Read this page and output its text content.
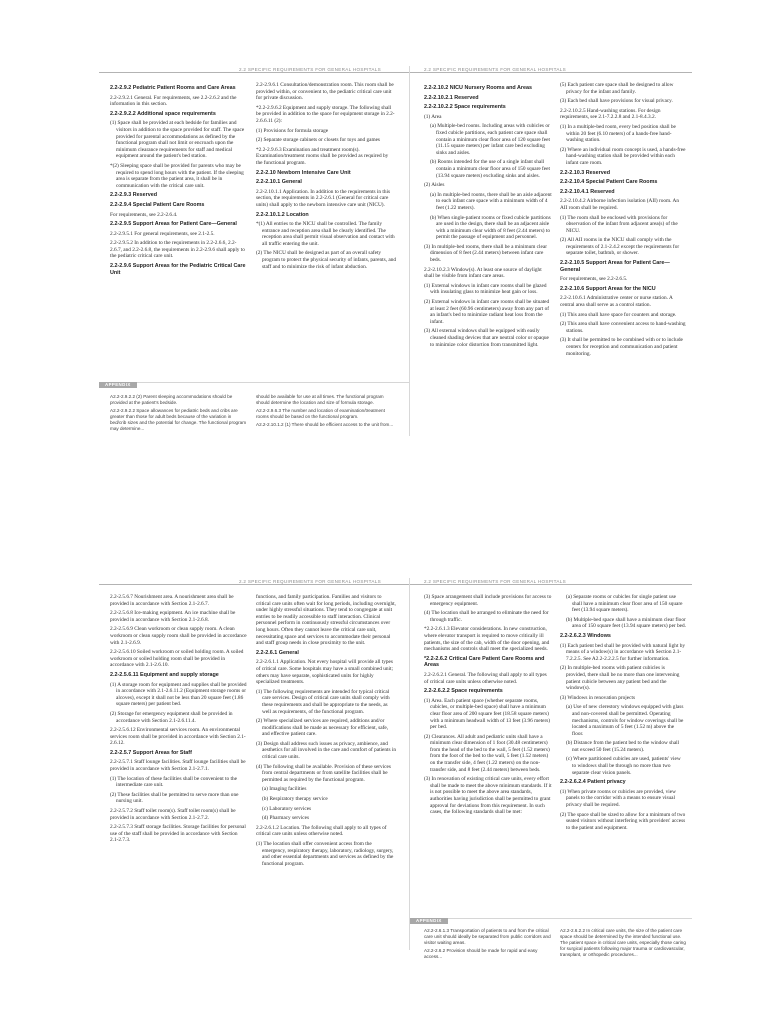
2.2 SPECIFIC REQUIREMENTS FOR GENERAL HOSPITALS
2.2-2.9.2 Pediatric Patient Rooms and Care Areas

2.2-2.9.2.1 General. For requirements, see 2.2-2.6.2 and the information in this section.

2.2-2.9.2.2 Additional space requirements

(1) Space shall be provided at each bedside for families and visitors in addition to the space provided for staff. The space provided for parental accommodations as defined by the functional program shall not limit or encroach upon the minimum clearance requirements for staff and medical equipment around the patient's bed station.

*(2) Sleeping space shall be provided for parents who may be required to spend long hours with the patient. If the sleeping area is separate from the patient area, it shall be in communication with the critical care unit.

2.2-2.9.3 Reserved
2.2-2.9.4 Special Patient Care Rooms

For requirements, see 2.2-2.6.4.

2.2-2.9.5 Support Areas for Patient Care—General

2.2-2.9.5.1 For general requirements, see 2.1-2.5.

2.2-2.9.5.2 In addition to the requirements in 2.2-2.6.6, 2.2-2.6.7, and 2.2-2.6.8, the requirements in 2.2-2.9.6 shall apply to the pediatric critical care unit.

2.2-2.9.6 Support Areas for the Pediatric Critical Care Unit

2.2-2.9.6.1 Consultation/demonstration room. This room shall be provided within, or convenient to, the pediatric critical care unit for private discussion.

*2.2-2.9.6.2 Equipment and supply storage. The following shall be provided in addition to the space for equipment storage in 2.2-2.6.6.11 (2):

(1) Provisions for formula storage

(2) Separate storage cabinets or closets for toys and games

*2.2-2.9.6.3 Examination and treatment room(s). Examination/treatment rooms shall be provided as required by the functional program.

2.2-2.10 Newborn Intensive Care Unit
2.2-2.10.1 General

2.2-2.10.1.1 Application. In addition to the requirements in this section, the requirements in 2.2-2.6.1 (General for critical care units) shall apply to the newborn intensive care unit (NICU).

2.2-2.10.1.2 Location

*(1) All entries to the NICU shall be controlled. The family entrance and reception area shall be clearly identified. The reception area shall permit visual observation and contact with all traffic entering the unit.

(2) The NICU shall be designed as part of an overall safety program to protect the physical security of infants, parents, and staff and to minimize the risk of infant abduction.

APPENDIX

A2.2-2.9.2.2 (2) Parent sleeping accommodations should be provided at the patient's bedside.

A2.2-2.9.2.2 Space allowances for pediatric beds and cribs are greater than those for adult beds because of the variation in bed/crib sizes and the potential for change. The functional program may determine...

should be available for use at all times. The functional program should determine the location and size of formula storage.

A2.2-2.9.6.3 The number and location of examination/treatment rooms should be based on the functional program.

A2.2-2.10.1.2 (1) There should be efficient access to the unit from...

2.2 SPECIFIC REQUIREMENTS FOR GENERAL HOSPITALS
2.2-2.10.2 NICU Nursery Rooms and Areas
2.2-2.10.2.1 Reserved
2.2-2.10.2.2 Space requirements

(1) Area

(a) Multiple-bed rooms. Including areas with cubicles or fixed cubicle partitions, each patient care space shall contain a minimum clear floor area of 120 square feet (11.15 square meters) per infant care bed excluding sinks and aisles.

(b) Rooms intended for the use of a single infant shall contain a minimum clear floor area of 150 square feet (13.94 square meters) excluding sinks and aisles.

(2) Aisles

(a) In multiple-bed rooms, there shall be an aisle adjacent to each infant care space with a minimum width of 4 feet (1.22 meters).

(b) When single-patient rooms or fixed cubicle partitions are used in the design, there shall be an adjacent aisle with a minimum clear width of 8 feet (2.44 meters) to permit the passage of equipment and personnel.

(3) In multiple-bed rooms, there shall be a minimum clear dimension of 8 feet (2.44 meters) between infant care beds.

2.2-2.10.2.3 Window(s). At least one source of daylight shall be visible from infant care areas.

(1) External windows in infant care rooms shall be glazed with insulating glass to minimize heat gain or loss.

(2) External windows in infant care rooms shall be situated at least 2 feet (60.96 centimeters) away from any part of an infant's bed to minimize radiant heat loss from the infant.

(3) All external windows shall be equipped with easily cleaned shading devices that are neutral color or opaque to minimize color distortion from transmitted light.

(5) Each patient care space shall be designed to allow privacy for the infant and family.

(3) Each bed shall have provisions for visual privacy.

2.2-2.10.2.5 Hand-washing stations. For design requirements, see 2.1-7.2.2.8 and 2.1-8.4.3.2.

(1) In a multiple-bed room, every bed position shall be within 20 feet (6.10 meters) of a hands-free hand-washing station.

(2) Where an individual room concept is used, a hands-free hand-washing station shall be provided within each infant care room.

2.2-2.10.3 Reserved
2.2-2.10.4 Special Patient Care Rooms
2.2-2.10.4.1 Reserved

2.2-2.10.4.2 Airborne infection isolation (AII) room. An AII room shall be required.

(1) The room shall be enclosed with provisions for observation of the infant from adjacent area(s) of the NICU.

(2) All AII rooms in the NICU shall comply with the requirements of 2.1-2.4.2 except the requirements for separate toilet, bathtub, or shower.

2.2-2.10.5 Support Areas for Patient Care—General

For requirements, see 2.2-2.6.5.

2.2-2.10.6 Support Areas for the NICU

2.2-2.10.6.1 Administrative center or nurse station. A central area shall serve as a control station.

(1) This area shall have space for counters and storage.

(2) This area shall have convenient access to hand-washing stations.

(3) It shall be permitted to be combined with or to include centers for reception and communication and patient monitoring.

2.2 SPECIFIC REQUIREMENTS FOR GENERAL HOSPITALS

2.2-2.5.6.7 Nourishment area. A nourishment area shall be provided in accordance with Section 2.1-2.6.7.

2.2-2.5.6.8 Ice-making equipment. An ice machine shall be provided in accordance with Section 2.1-2.6.8.

2.2-2.5.6.9 Clean workroom or clean supply room. A clean workroom or clean supply room shall be provided in accordance with 2.1-2.6.9.

2.2-2.5.6.10 Soiled workroom or soiled holding room. A soiled workroom or soiled holding room shall be provided in accordance with 2.1-2.6.10.

2.2-2.5.6.11 Equipment and supply storage

(1) A storage room for equipment and supplies shall be provided in accordance with 2.1-2.6.11.2 (Equipment storage rooms or alcoves), except it shall not be less than 20 square feet (1.86 square meters) per patient bed.

(2) Storage for emergency equipment shall be provided in accordance with Section 2.1-2.6.11.4.

2.2-2.5.6.12 Environmental services room. An environmental services room shall be provided in accordance with Section 2.1-2.6.12.

2.2-2.5.7 Support Areas for Staff

2.2-2.5.7.1 Staff lounge facilities. Staff lounge facilities shall be provided in accordance with Section 2.1-2.7.1.

(1) The location of these facilities shall be convenient to the intermediate care unit.

(2) These facilities shall be permitted to serve more than one nursing unit.

2.2-2.5.7.2 Staff toilet room(s). Staff toilet room(s) shall be provided in accordance with Section 2.1-2.7.2.

2.2-2.5.7.3 Staff storage facilities. Storage facilities for personal use of the staff shall be provided in accordance with Section 2.1-2.7.3.

functions, and family participation. Families and visitors to critical care units often wait for long periods, including overnight, under highly stressful situations. They tend to congregate at unit entries to be readily accessible to staff interaction. Clinical personnel perform in continuously stressful circumstances over long hours. Often they cannot leave the critical care unit, necessitating space and services to accommodate their personal and staff group needs in close proximity to the unit.

2.2-2.6.1 General

2.2-2.6.1.1 Application. Not every hospital will provide all types of critical care. Some hospitals may have a small combined unit; others may have separate, sophisticated units for highly specialized treatments.

(1) The following requirements are intended for typical critical care services. Design of critical care units shall comply with these requirements and shall be appropriate to the needs, as well as requirements, of the functional program.

(2) Where specialized services are required, additions and/or modifications shall be made as necessary for efficient, safe, and effective patient care.

(3) Design shall address such issues as privacy, ambience, and aesthetics for all involved in the care and comfort of patients in critical care units.

(4) The following shall be available. Provision of these services from central departments or from satellite facilities shall be permitted as required by the functional program.

(a) Imaging facilities

(b) Respiratory therapy service

(c) Laboratory services

(d) Pharmacy services

2.2-2.6.1.2 Location. The following shall apply to all types of critical care units unless otherwise noted.

(1) The location shall offer convenient access from the emergency, respiratory therapy, laboratory, radiology, surgery, and other essential departments and services as defined by the functional program.

2.2 SPECIFIC REQUIREMENTS FOR GENERAL HOSPITALS

(3) Space arrangement shall include provisions for access to emergency equipment.

(4) The location shall be arranged to eliminate the need for through traffic.

*2.2-2.6.1.3 Elevator considerations. In new construction, where elevator transport is required to move critically ill patients, the size of the cab, width of the door opening, and mechanisms and controls shall meet the specialized needs.

*2.2-2.6.2 Critical Care Patient Care Rooms and Areas

2.2-2.6.2.1 General. The following shall apply to all types of critical care units unless otherwise noted.

2.2-2.6.2.2 Space requirements

(1) Area. Each patient space (whether separate rooms, cubicles, or multiple-bed space) shall have a minimum clear floor area of 200 square feet (18.58 square meters) with a minimum headwall width of 13 feet (3.96 meters) per bed.

(2) Clearances. All adult and pediatric units shall have a minimum clear dimension of 1 foot (30.48 centimeters) from the head of the bed to the wall, 5 feet (1.52 meters) from the foot of the bed to the wall, 5 feet (1.52 meters) on the transfer side, 4 feet (1.22 meters) on the non-transfer side, and 8 feet (2.44 meters) between beds.

(3) In renovation of existing critical care units, every effort shall be made to meet the above minimum standards. If it is not possible to meet the above area standards, authorities having jurisdiction shall be permitted to grant approval for deviations from this requirement. In such cases, the following standards shall be met:

(a) Separate rooms or cubicles for single patient use shall have a minimum clear floor area of 150 square feet (13.94 square meters).

(b) Multiple-bed space shall have a minimum clear floor area of 150 square feet (13.94 square meters) per bed.

2.2-2.6.2.3 Windows

(1) Each patient bed shall be provided with natural light by means of a window(s) in accordance with Section 2.1-7.2.2.5. See A2.2-2.2.2.5 for further information.

(2) In multiple-bed rooms with patient cubicles is provided, there shall be no more than one intervening patient cubicle between any patient bed and the window(s).

(3) Windows in renovation projects

(a) Use of new clerestory windows equipped with glass and non-covered shall be permitted. Operating mechanisms, controls for window coverings shall be located a maximum of 5 feet (1.52 m) above the floor.

(b) Distance from the patient bed to the window shall not exceed 50 feet (15.24 meters).

(c) Where partitioned cubicles are used, patients' view to windows shall be through no more than two separate clear vision panels.

2.2-2.6.2.4 Patient privacy

(1) When private rooms or cubicles are provided, view panels to the corridor with a means to ensure visual privacy shall be required.

(2) The space shall be sized to allow for a minimum of two seated visitors without interfering with providers' access to the patient and equipment.

APPENDIX

A2.2-2.6.1.3 Transportation of patients to and from the critical care unit should ideally be separated from public corridors and visitor waiting areas.

A2.2-2.6.2 Provision should be made for rapid and easy access...

A2.2-2.6.2.2 In critical care units, the size of the patient care space should be determined by the intended functional use. The patient space in critical care units, especially those caring for surgical patients following major trauma or cardiovascular, transplant, or orthopedic procedures...
